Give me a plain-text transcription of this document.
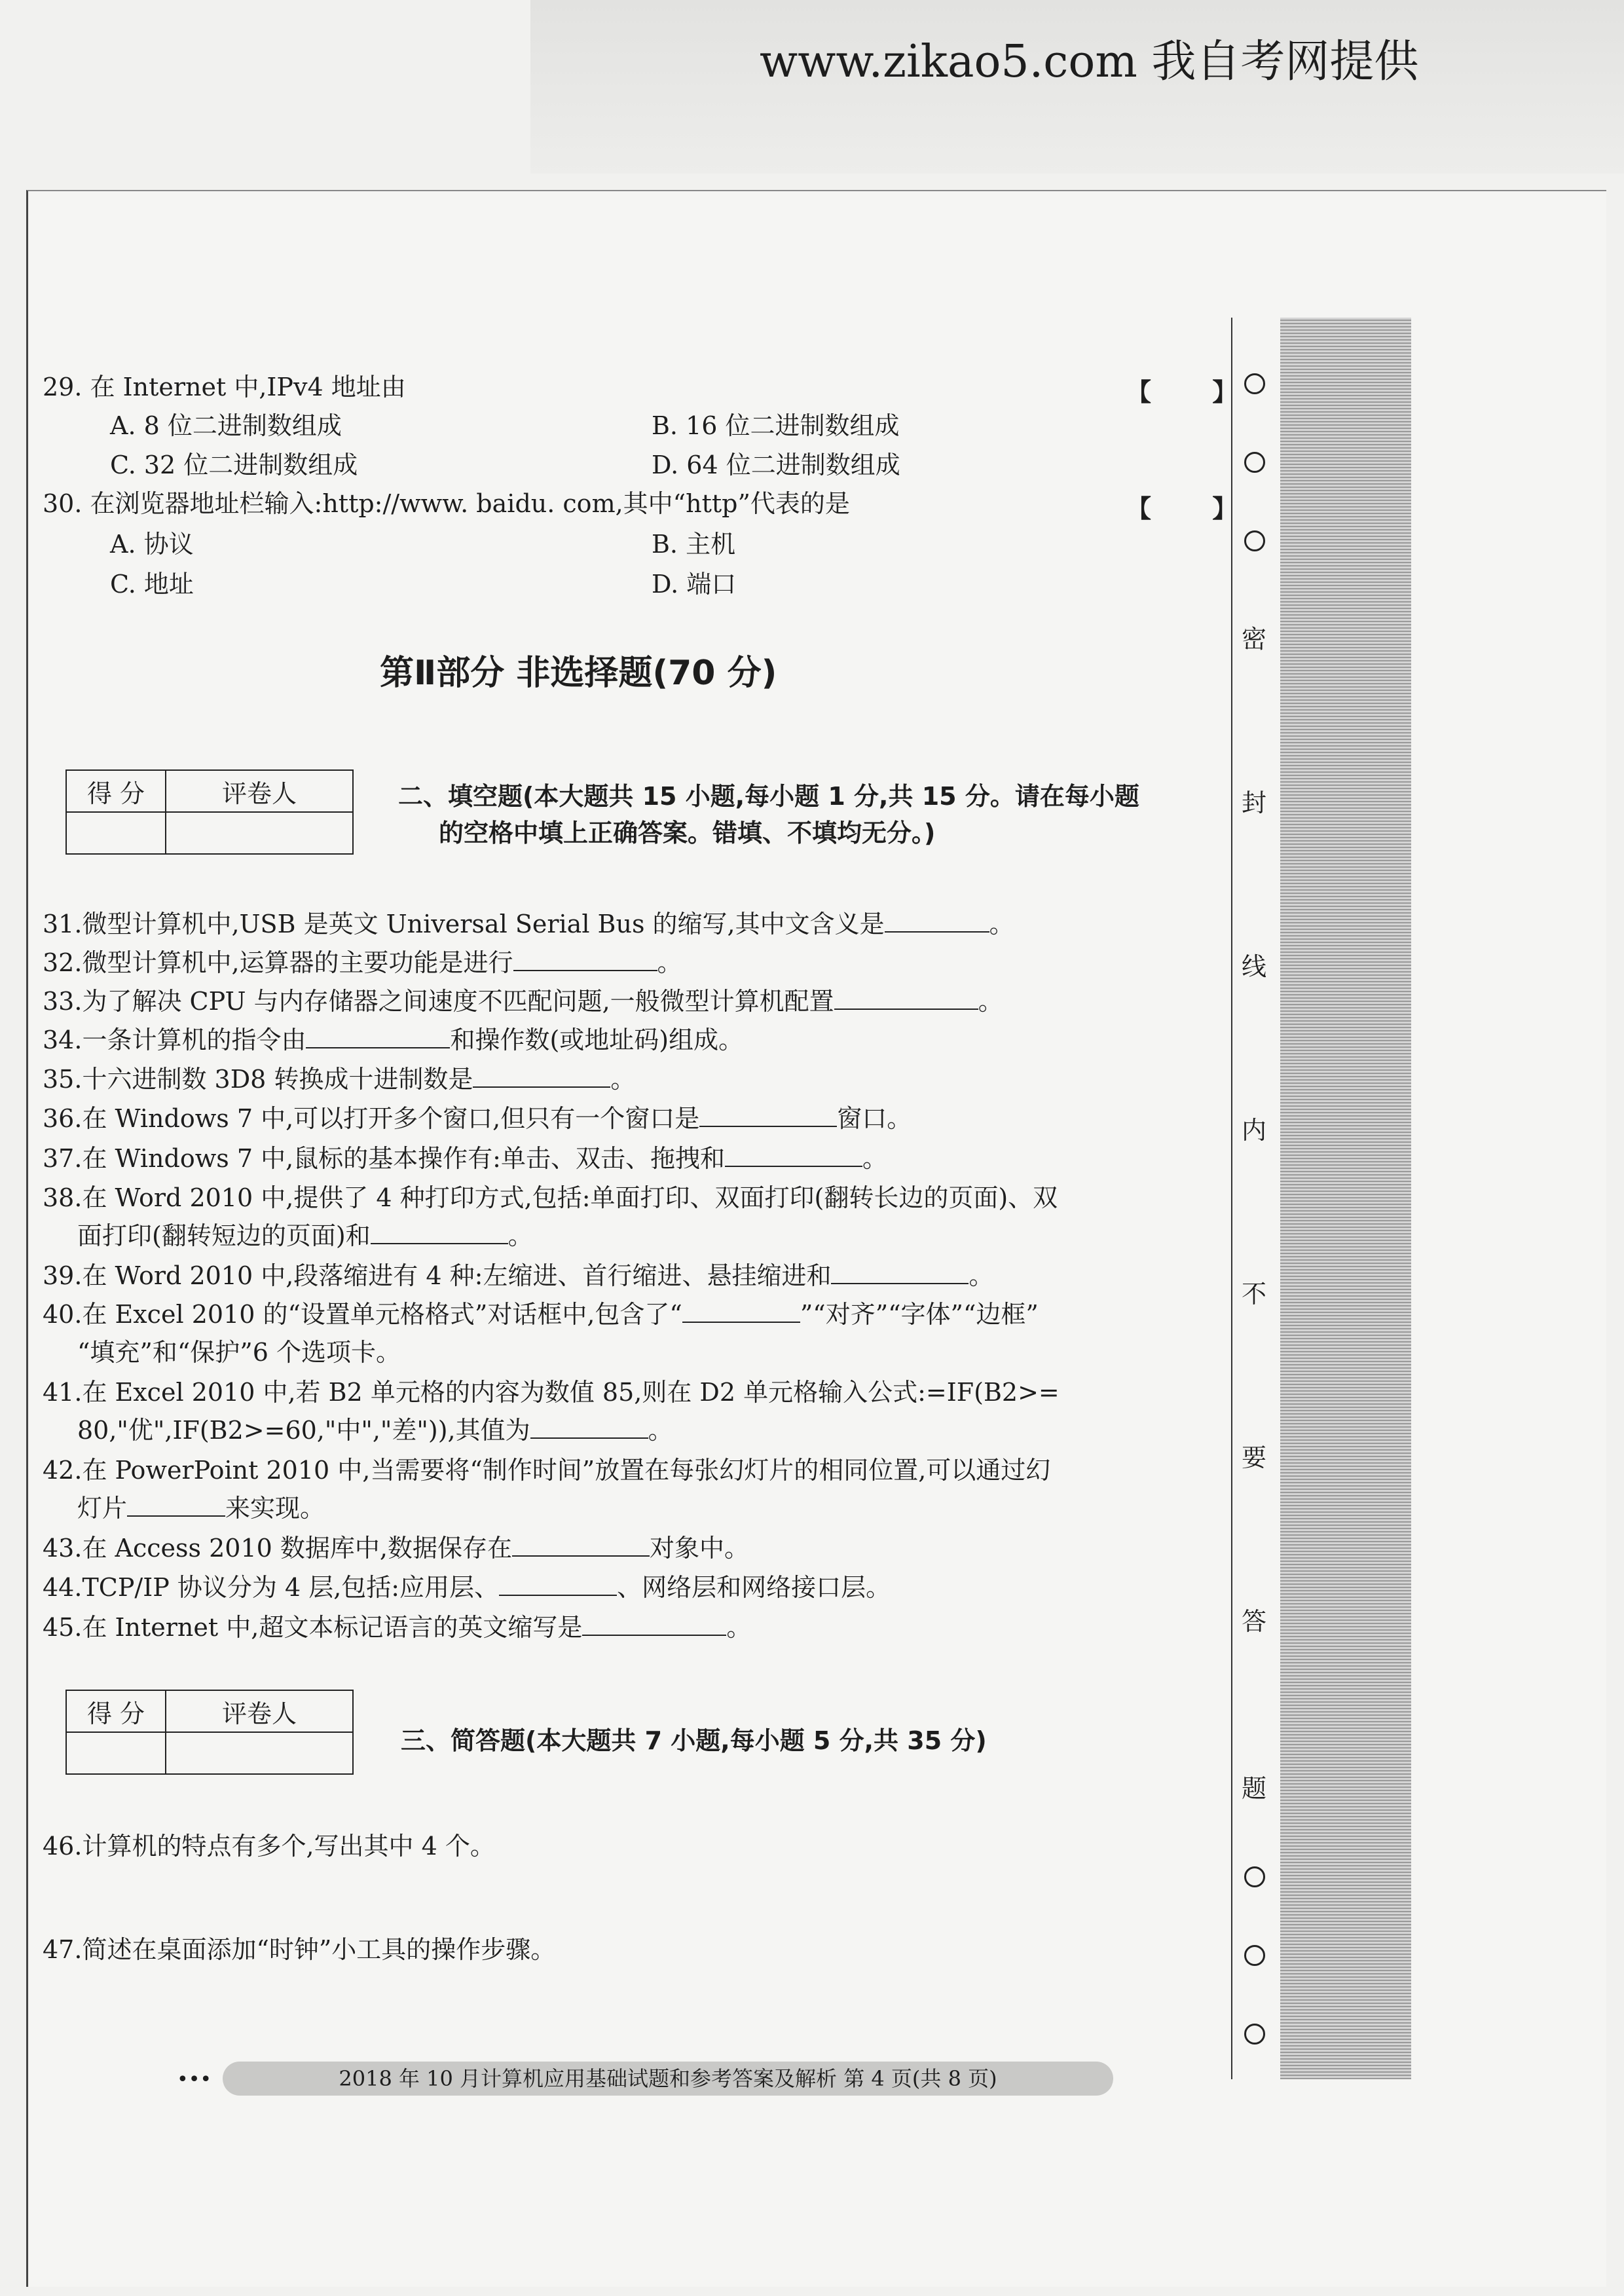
www.zikao5.com 我自考网提供
29. 在 Internet 中,IPv4 地址由	【 】
A. 8 位二进制数组成	B. 16 位二进制数组成
C. 32 位二进制数组成	D. 64 位二进制数组成
30. 在浏览器地址栏输入:http://www. baidu. com,其中“http”代表的是	【 】
A. 协议	B. 主机
C. 地址	D. 端口
第Ⅱ部分 非选择题(70 分)
得 分	评卷人
		二、填空题(本大题共 15 小题,每小题 1 分,共 15 分。请在每小题
的空格中填上正确答案。错填、不填均无分。)
31.微型计算机中,USB 是英文 Universal Serial Bus 的缩写,其中文含义是	。
32.微型计算机中,运算器的主要功能是进行	。
33.为了解决 CPU 与内存储器之间速度不匹配问题,一般微型计算机配置	。
34.一条计算机的指令由	和操作数(或地址码)组成。
35.十六进制数 3D8 转换成十进制数是	。
36.在 Windows 7 中,可以打开多个窗口,但只有一个窗口是	窗口。
37.在 Windows 7 中,鼠标的基本操作有:单击、双击、拖拽和	。
38.在 Word 2010 中,提供了 4 种打印方式,包括:单面打印、双面打印(翻转长边的页面)、双
面打印(翻转短边的页面)和	。
39.在 Word 2010 中,段落缩进有 4 种:左缩进、首行缩进、悬挂缩进和	。
40.在 Excel 2010 的“设置单元格格式”对话框中,包含了“	”“对齐”“字体”“边框”
“填充”和“保护”6 个选项卡。
41.在 Excel 2010 中,若 B2 单元格的内容为数值 85,则在 D2 单元格输入公式:=IF(B2>=
80,"优",IF(B2>=60,"中","差")),其值为	。
42.在 PowerPoint 2010 中,当需要将“制作时间”放置在每张幻灯片的相同位置,可以通过幻
灯片	来实现。
43.在 Access 2010 数据库中,数据保存在	对象中。
44.TCP/IP 协议分为 4 层,包括:应用层、	、网络层和网络接口层。
45.在 Internet 中,超文本标记语言的英文缩写是	。
得 分	评卷人

三、简答题(本大题共 7 小题,每小题 5 分,共 35 分)
46.计算机的特点有多个,写出其中 4 个。
47.简述在桌面添加“时钟”小工具的操作步骤。
密
封
线
内
不
要
答
题
•••	2018 年 10 月计算机应用基础试题和参考答案及解析 第 4 页(共 8 页)
